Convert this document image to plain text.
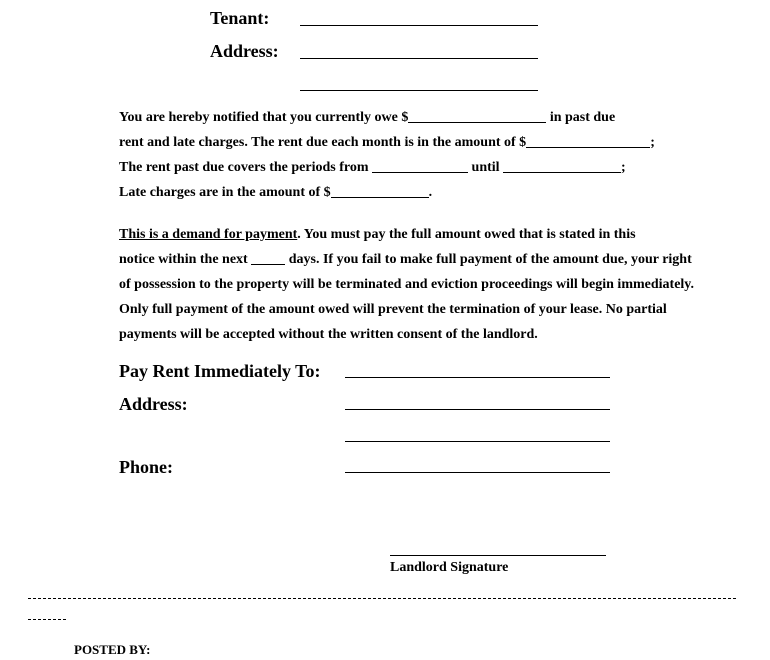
Tenant:
Address:
You are hereby notified that you currently owe $	in past due
rent and late charges. The rent due each month is in the amount of $	;
The rent past due covers the periods from	until	;
Late charges are in the amount of $	.
This is a demand for payment. You must pay the full amount owed that is stated in this
notice within the next  days. If you fail to make full payment of the amount due, your right
of possession to the property will be terminated and eviction proceedings will begin immediately.
Only full payment of the amount owed will prevent the termination of your lease. No partial
payments will be accepted without the written consent of the landlord.
Pay Rent Immediately To:
Address:
Phone:
Landlord Signature
POSTED BY:
